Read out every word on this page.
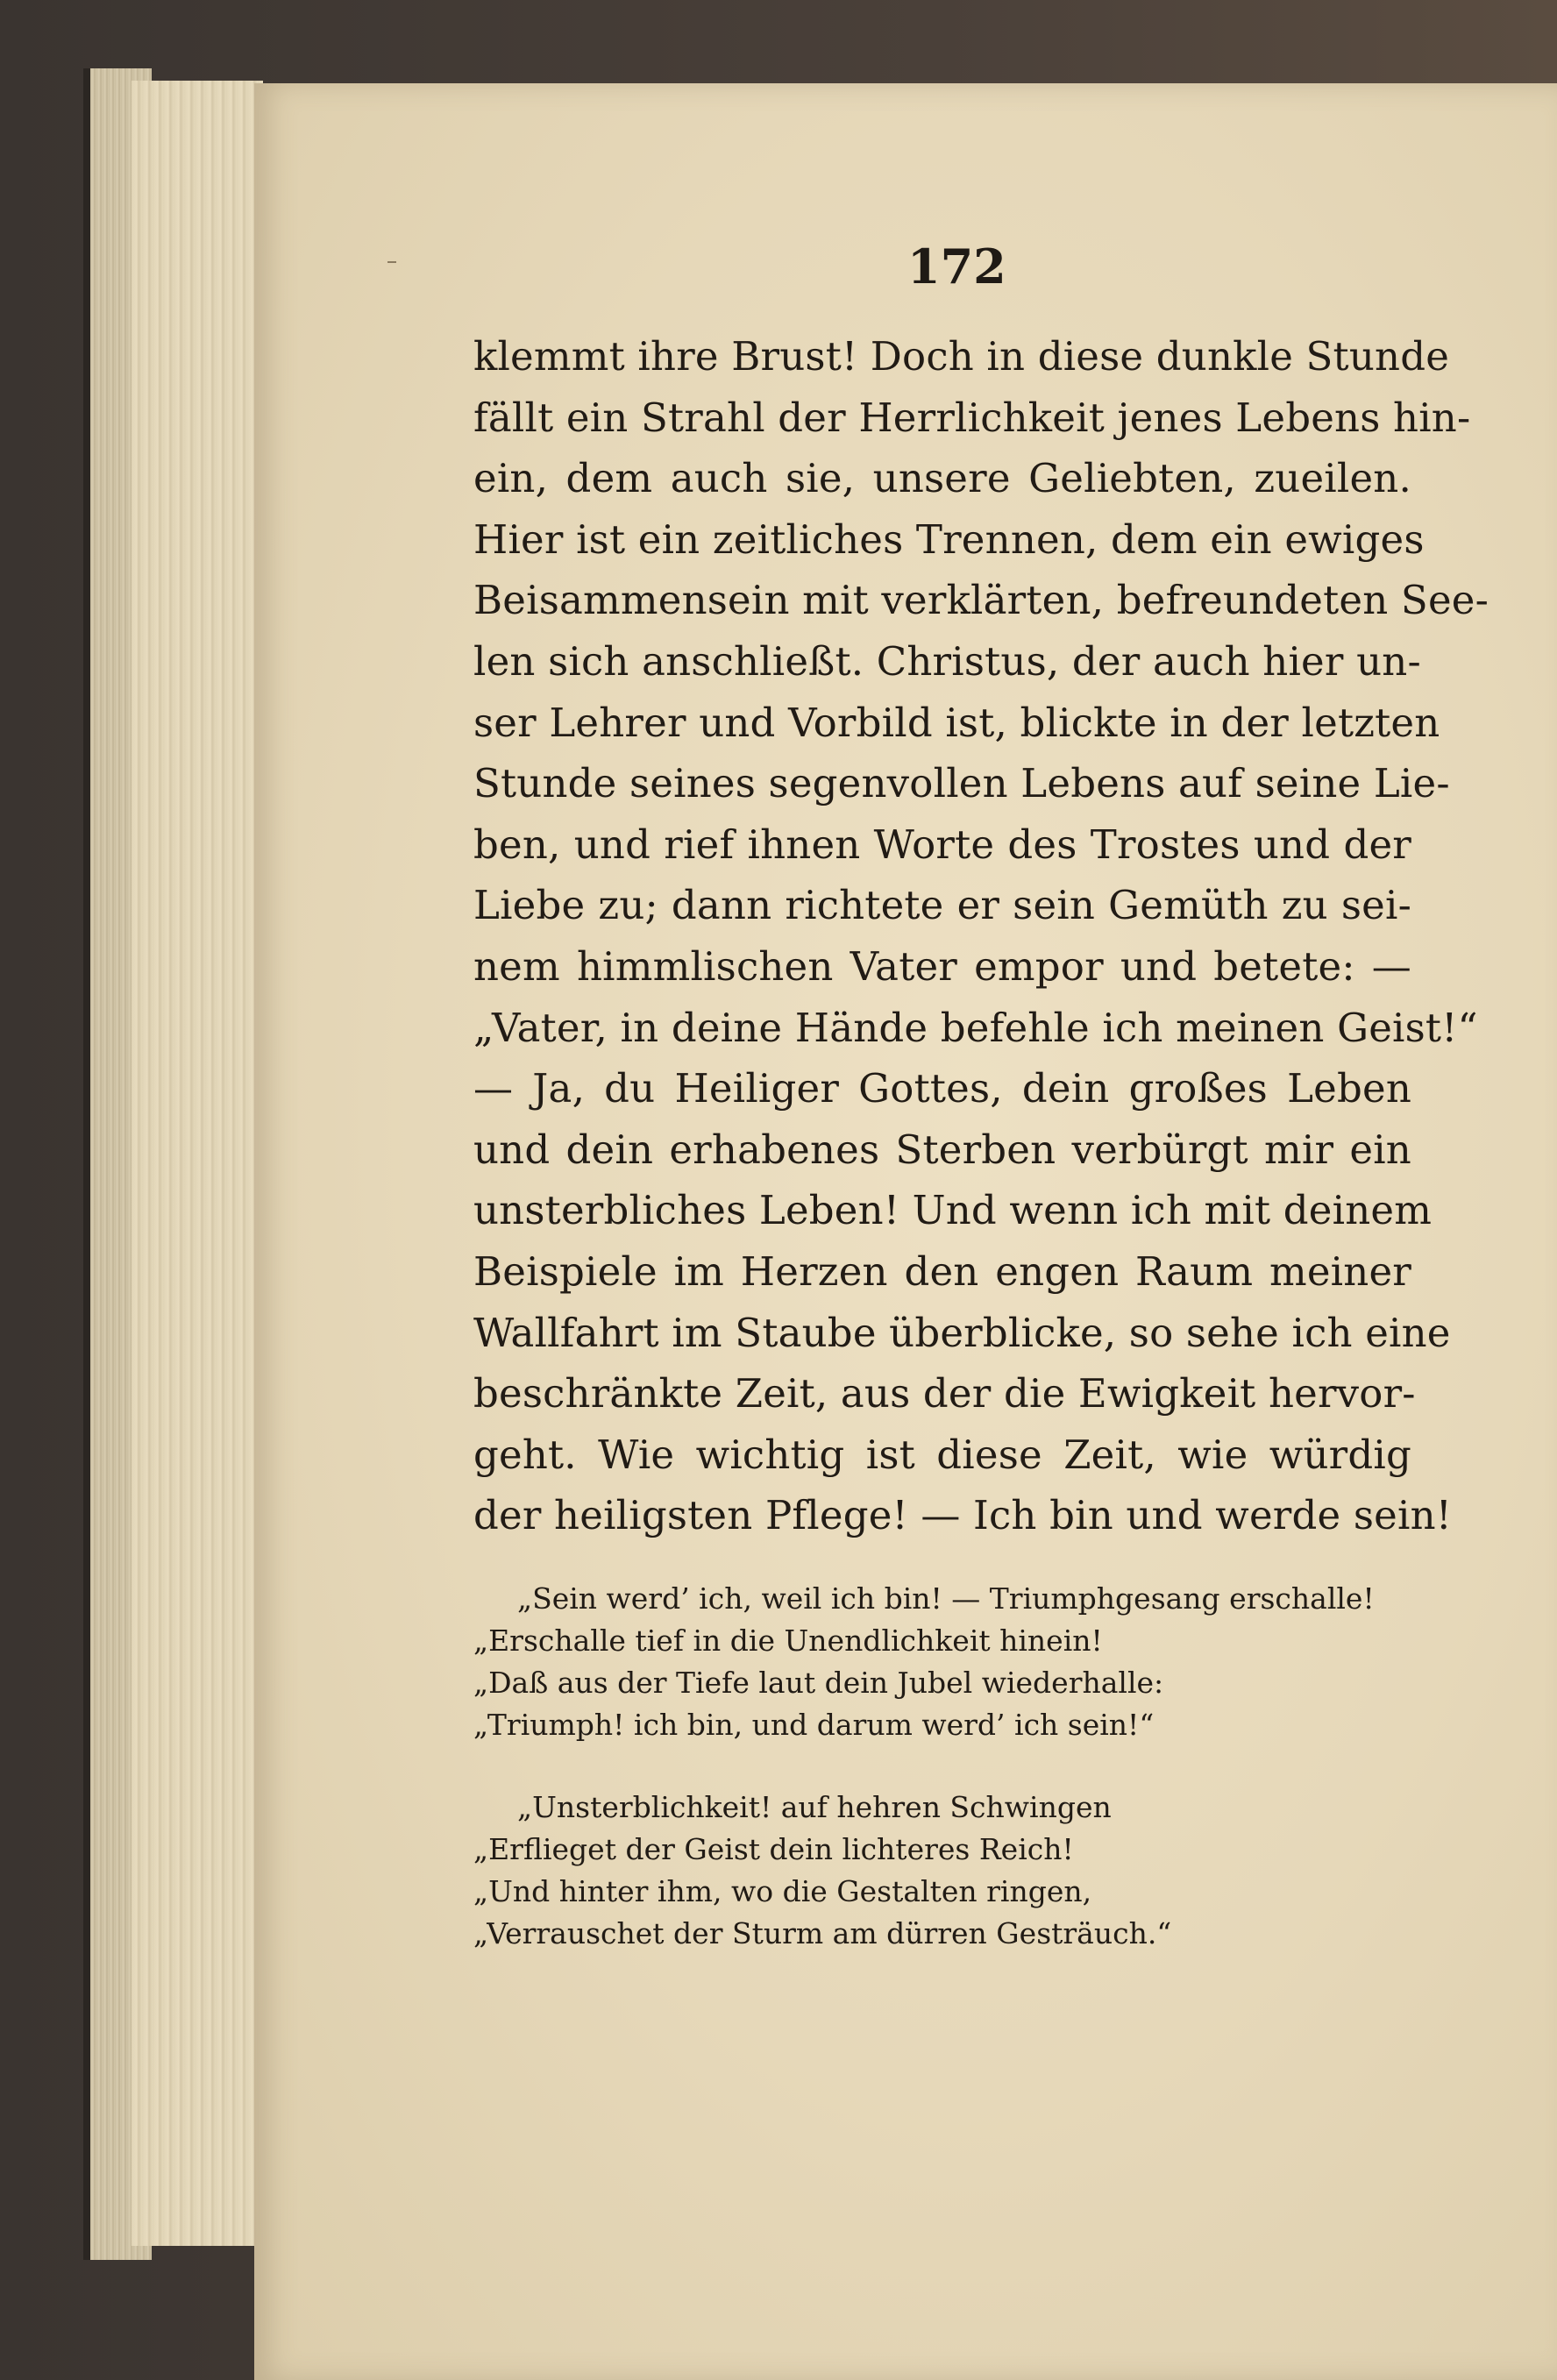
172
klemmt ihre Brust! Doch in diese dunkle Stunde
fällt ein Strahl der Herrlichkeit jenes Lebens hin-
ein, dem auch sie, unsere Geliebten, zueilen.
Hier ist ein zeitliches Trennen, dem ein ewiges
Beisammensein mit verklärten, befreundeten See-
len sich anschließt. Christus, der auch hier un-
ser Lehrer und Vorbild ist, blickte in der letzten
Stunde seines segenvollen Lebens auf seine Lie-
ben, und rief ihnen Worte des Trostes und der
Liebe zu; dann richtete er sein Gemüth zu sei-
nem himmlischen Vater empor und betete: —
„Vater, in deine Hände befehle ich meinen Geist!“
— Ja, du Heiliger Gottes, dein großes Leben
und dein erhabenes Sterben verbürgt mir ein
unsterbliches Leben! Und wenn ich mit deinem
Beispiele im Herzen den engen Raum meiner
Wallfahrt im Staube überblicke, so sehe ich eine
beschränkte Zeit, aus der die Ewigkeit hervor-
geht. Wie wichtig ist diese Zeit, wie würdig
der heiligsten Pflege! — Ich bin und werde sein!
„Sein werd’ ich, weil ich bin! — Triumphgesang erschalle!
„Erschalle tief in die Unendlichkeit hinein!
„Daß aus der Tiefe laut dein Jubel wiederhalle:
„Triumph! ich bin, und darum werd’ ich sein!“
„Unsterblichkeit! auf hehren Schwingen
„Erflieget der Geist dein lichteres Reich!
„Und hinter ihm, wo die Gestalten ringen,
„Verrauschet der Sturm am dürren Gesträuch.“
